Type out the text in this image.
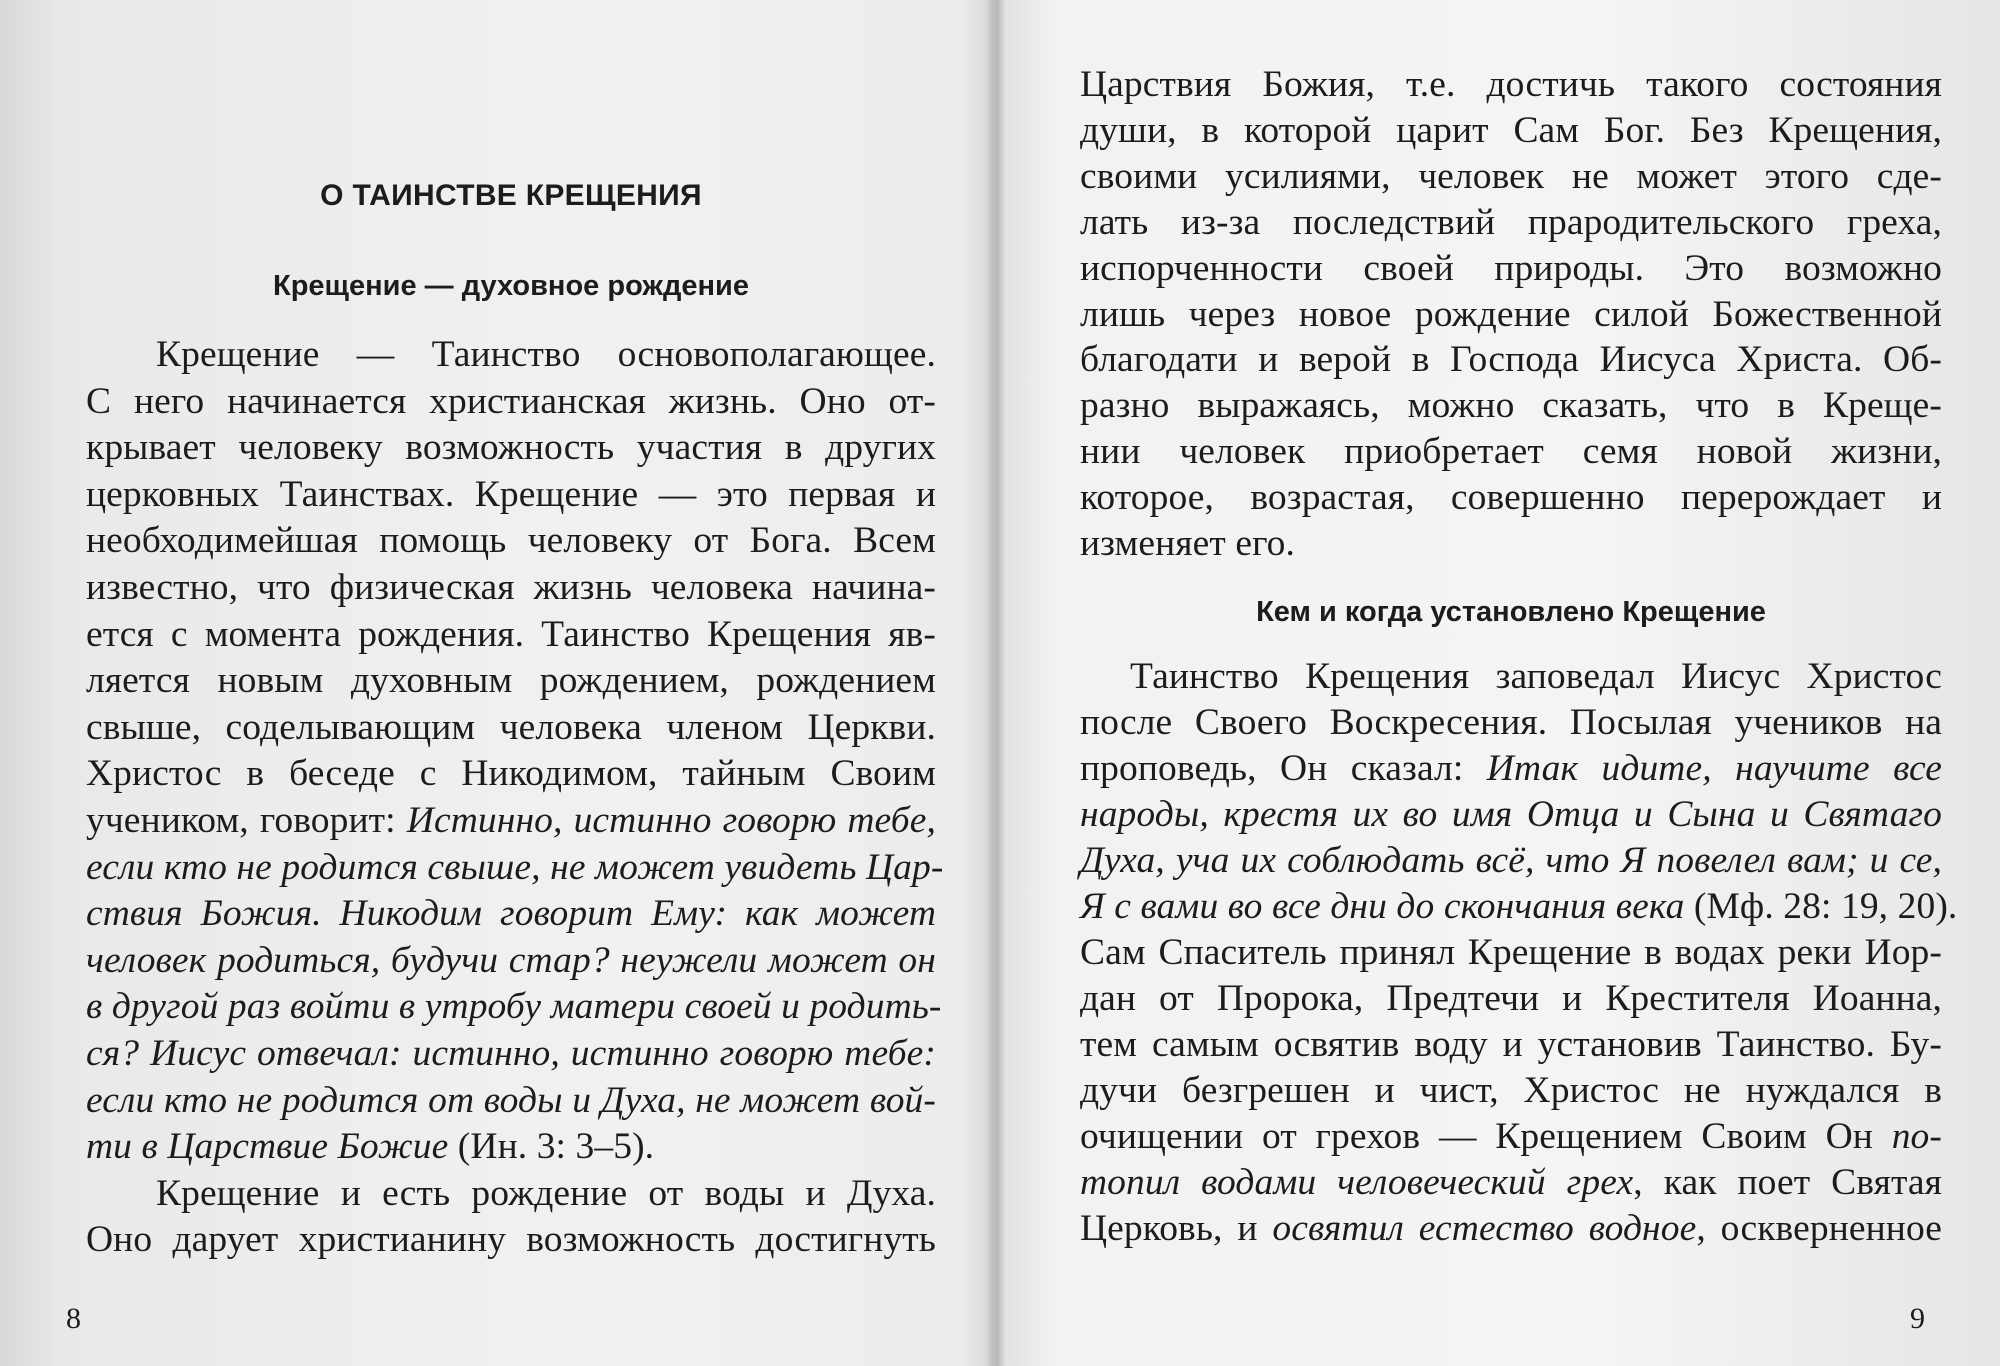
О ТАИНСТВЕ КРЕЩЕНИЯ
Крещение — духовное рождение
Крещение — Таинство основополагающее.
С него начинается христианская жизнь. Оно от-
крывает человеку возможность участия в других
церковных Таинствах. Крещение — это первая и
необходимейшая помощь человеку от Бога. Всем
известно, что физическая жизнь человека начина-
ется с момента рождения. Таинство Крещения яв-
ляется новым духовным рождением, рождением
свыше, соделывающим человека членом Церкви.
Христос в беседе с Никодимом, тайным Своим
учеником, говорит: Истинно, истинно говорю тебе,
если кто не родится свыше, не может увидеть Цар-
ствия Божия. Никодим говорит Ему: как может
человек родиться, будучи стар? неужели может он
в другой раз войти в утробу матери своей и родить-
ся? Иисус отвечал: истинно, истинно говорю тебе:
если кто не родится от воды и Духа, не может вой-
ти в Царствие Божие (Ин. 3: 3–5).
Крещение и есть рождение от воды и Духа.
Оно дарует христианину возможность достигнуть
8
Царствия Божия, т.е. достичь такого состояния
души, в которой царит Сам Бог. Без Крещения,
своими усилиями, человек не может этого сде-
лать из-за последствий прародительского греха,
испорченности своей природы. Это возможно
лишь через новое рождение силой Божественной
благодати и верой в Господа Иисуса Христа. Об-
разно выражаясь, можно сказать, что в Креще-
нии человек приобретает семя новой жизни,
которое, возрастая, совершенно перерождает и
изменяет его.
Таинство Крещения заповедал Иисус Христос
после Своего Воскресения. Посылая учеников на
проповедь, Он сказал: Итак идите, научите все
народы, крестя их во имя Отца и Сына и Святаго
Духа, уча их соблюдать всё, что Я повелел вам; и се,
Я с вами во все дни до скончания века (Мф. 28: 19, 20).
Сам Спаситель принял Крещение в водах реки Иор-
дан от Пророка, Предтечи и Крестителя Иоанна,
тем самым освятив воду и установив Таинство. Бу-
дучи безгрешен и чист, Христос не нуждался в
очищении от грехов — Крещением Своим Он по-
топил водами человеческий грех, как поет Святая
Церковь, и освятил естество водное, оскверненное
Кем и когда установлено Крещение
9
